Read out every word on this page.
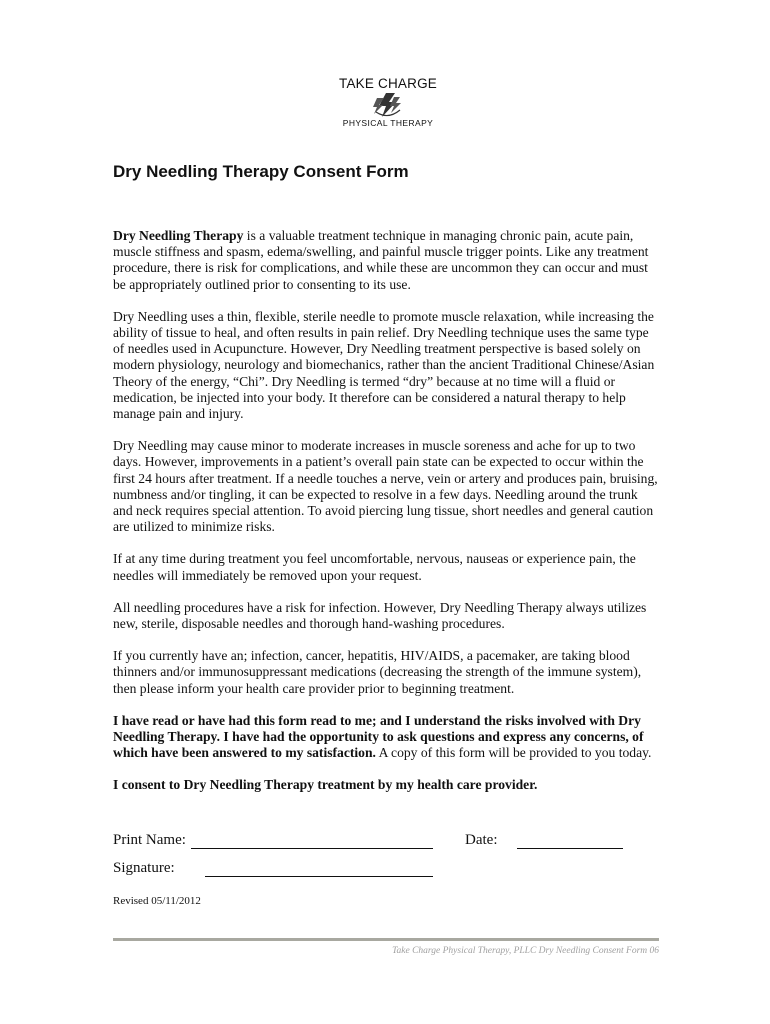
TAKE CHARGE
PHYSICAL THERAPY
Dry Needling Therapy Consent Form

Dry Needling Therapy is a valuable treatment technique in managing chronic pain, acute pain, muscle stiffness and spasm, edema/swelling, and painful muscle trigger points. Like any treatment procedure, there is risk for complications, and while these are uncommon they can occur and must be appropriately outlined prior to consenting to its use.

Dry Needling uses a thin, flexible, sterile needle to promote muscle relaxation, while increasing the ability of tissue to heal, and often results in pain relief. Dry Needling technique uses the same type of needles used in Acupuncture. However, Dry Needling treatment perspective is based solely on modern physiology, neurology and biomechanics, rather than the ancient Traditional Chinese/Asian Theory of the energy, “Chi”. Dry Needling is termed “dry” because at no time will a fluid or medication, be injected into your body. It therefore can be considered a natural therapy to help manage pain and injury.

Dry Needling may cause minor to moderate increases in muscle soreness and ache for up to two days. However, improvements in a patient’s overall pain state can be expected to occur within the first 24 hours after treatment. If a needle touches a nerve, vein or artery and produces pain, bruising, numbness and/or tingling, it can be expected to resolve in a few days. Needling around the trunk and neck requires special attention. To avoid piercing lung tissue, short needles and general caution are utilized to minimize risks.

If at any time during treatment you feel uncomfortable, nervous, nauseas or experience pain, the needles will immediately be removed upon your request.

All needling procedures have a risk for infection. However, Dry Needling Therapy always utilizes new, sterile, disposable needles and thorough hand-washing procedures.

If you currently have an; infection, cancer, hepatitis, HIV/AIDS, a pacemaker, are taking blood thinners and/or immunosuppressant medications (decreasing the strength of the immune system), then please inform your health care provider prior to beginning treatment.

I have read or have had this form read to me; and I understand the risks involved with Dry Needling Therapy. I have had the opportunity to ask questions and express any concerns, of which have been answered to my satisfaction. A copy of this form will be provided to you today.

I consent to Dry Needling Therapy treatment by my health care provider.

Print Name:	Date:
Signature:
Revised 05/11/2012
Take Charge Physical Therapy, PLLC Dry Needling Consent Form 06
